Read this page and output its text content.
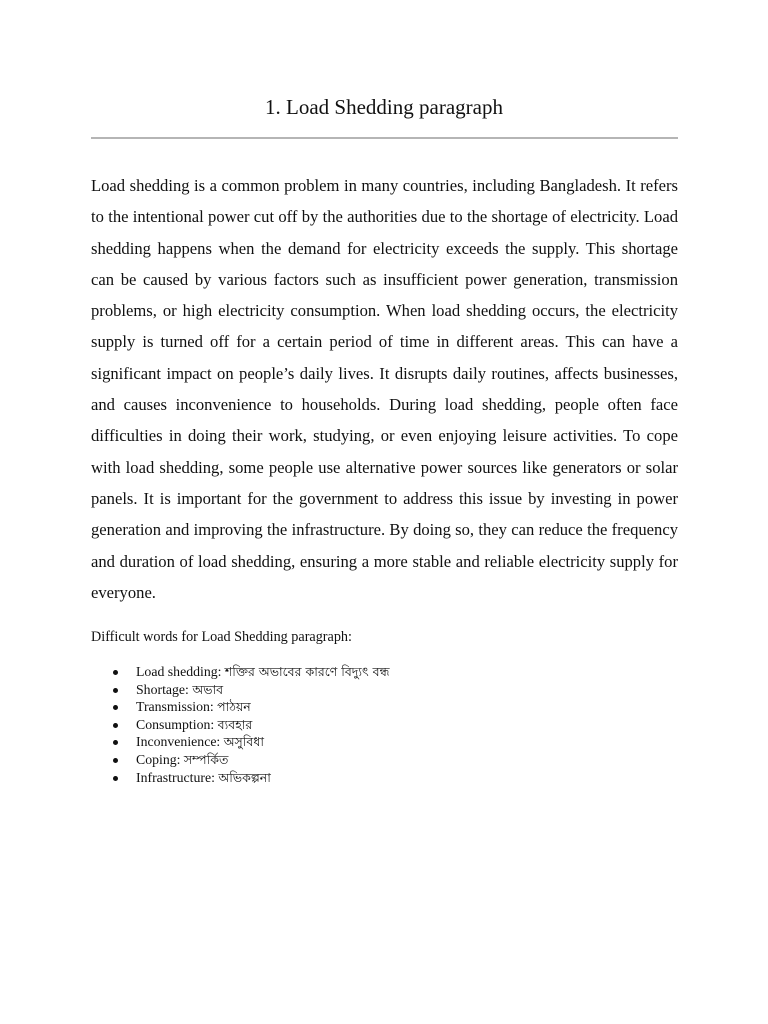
1. Load Shedding paragraph

Load shedding is a common problem in many countries, including Bangladesh. It refers to the intentional power cut off by the authorities due to the shortage of electricity. Load shedding happens when the demand for electricity exceeds the supply. This shortage can be caused by various factors such as insufficient power generation, transmission problems, or high electricity consumption. When load shedding occurs, the electricity supply is turned off for a certain period of time in different areas. This can have a significant impact on people’s daily lives. It disrupts daily routines, affects businesses, and causes inconvenience to households. During load shedding, people often face difficulties in doing their work, studying, or even enjoying leisure activities. To cope with load shedding, some people use alternative power sources like generators or solar panels. It is important for the government to address this issue by investing in power generation and improving the infrastructure. By doing so, they can reduce the frequency and duration of load shedding, ensuring a more stable and reliable electricity supply for everyone.

Difficult words for Load Shedding paragraph:

Load shedding: শক্তির অভাবের কারণে বিদ্যুৎ বন্ধ
Shortage: অভাব
Transmission: পাঠয়ন
Consumption: ব্যবহার
Inconvenience: অসুবিধা
Coping: সম্পর্কিত
Infrastructure: অভিকল্পনা
